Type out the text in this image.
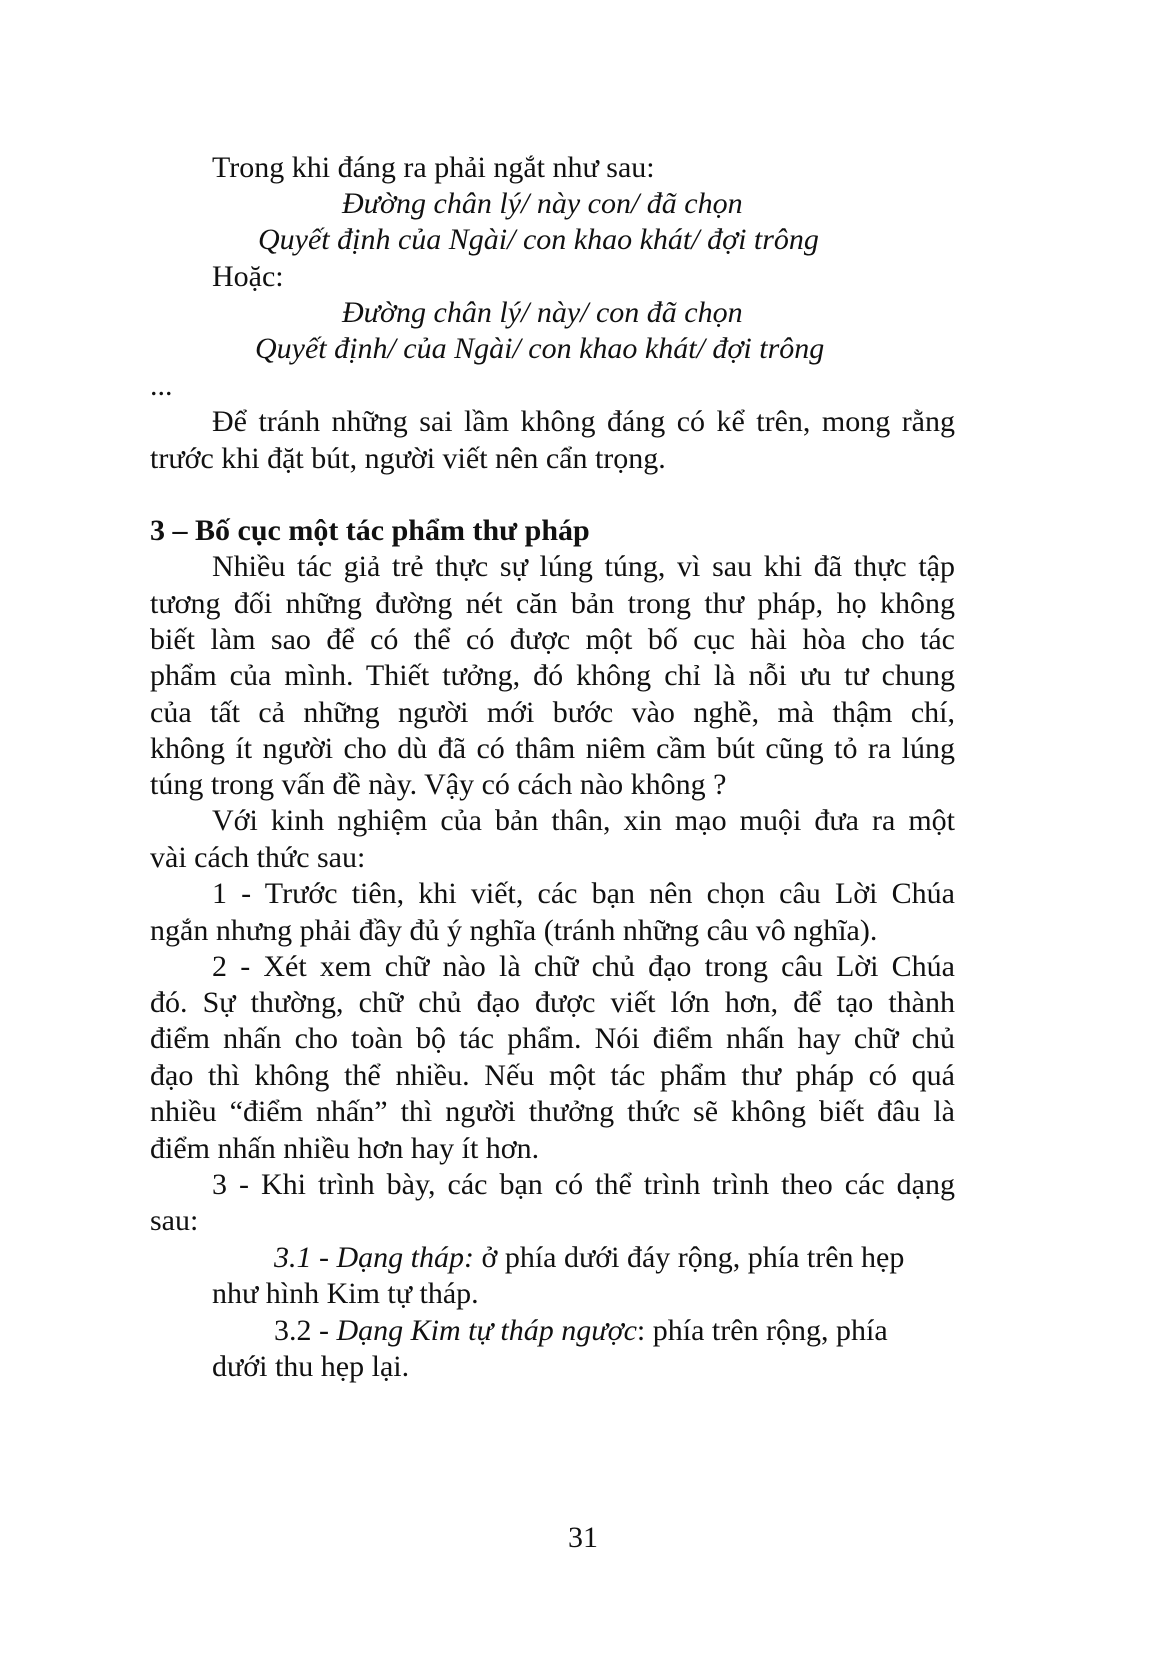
Trong khi đáng ra phải ngắt như sau:
Đường chân lý/ này con/ đã chọn
Quyết định của Ngài/ con khao khát/ đợi trông
Hoặc:
Đường chân lý/ này/ con đã chọn
Quyết định/ của Ngài/ con khao khát/ đợi trông
...
Để tránh những sai lầm không đáng có kể trên, mong rằng
trước khi đặt bút, người viết nên cẩn trọng.
3 – Bố cục một tác phẩm thư pháp
Nhiều tác giả trẻ thực sự lúng túng, vì sau khi đã thực tập
tương đối những đường nét căn bản trong thư pháp, họ không
biết làm sao để có thể có được một bố cục hài hòa cho tác
phẩm của mình. Thiết tưởng, đó không chỉ là nỗi ưu tư chung
của tất cả những người mới bước vào nghề, mà thậm chí,
không ít người cho dù đã có thâm niêm cầm bút cũng tỏ ra lúng
túng trong vấn đề này. Vậy có cách nào không ?
Với kinh nghiệm của bản thân, xin mạo muội đưa ra một
vài cách thức sau:
1 - Trước tiên, khi viết, các bạn nên chọn câu Lời Chúa
ngắn nhưng phải đầy đủ ý nghĩa (tránh những câu vô nghĩa).
2 - Xét xem chữ nào là chữ chủ đạo trong câu Lời Chúa
đó. Sự thường, chữ chủ đạo được viết lớn hơn, để tạo thành
điểm nhấn cho toàn bộ tác phẩm. Nói điểm nhấn hay chữ chủ
đạo thì không thể nhiều. Nếu một tác phẩm thư pháp có quá
nhiều “điểm nhấn” thì người thưởng thức sẽ không biết đâu là
điểm nhấn nhiều hơn hay ít hơn.
3 - Khi trình bày, các bạn có thể trình trình theo các dạng
sau:
3.1 - Dạng tháp: ở phía dưới đáy rộng, phía trên hẹp
như hình Kim tự tháp.
3.2 - Dạng Kim tự tháp ngược: phía trên rộng, phía
dưới thu hẹp lại.
31
